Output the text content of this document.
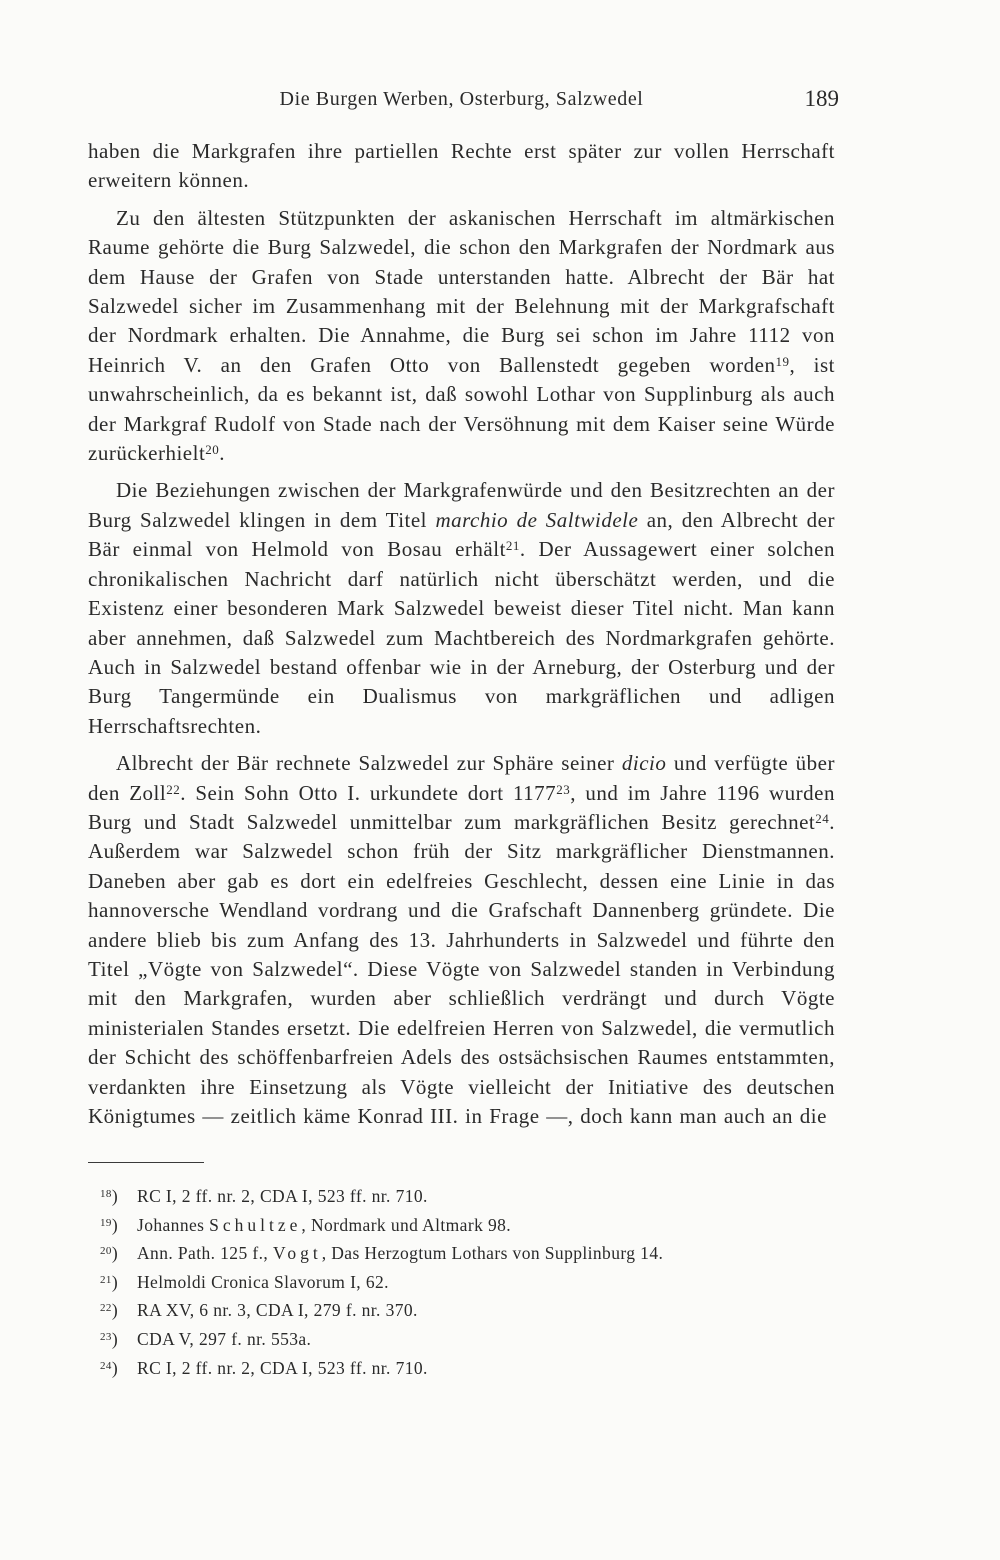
Die Burgen Werben, Osterburg, Salzwedel	189

haben die Markgrafen ihre partiellen Rechte erst später zur vollen Herrschaft erweitern können.

Zu den ältesten Stützpunkten der askanischen Herrschaft im altmärkischen Raume gehörte die Burg Salzwedel, die schon den Markgrafen der Nordmark aus dem Hause der Grafen von Stade unterstanden hatte. Albrecht der Bär hat Salzwedel sicher im Zusammenhang mit der Belehnung mit der Markgrafschaft der Nordmark erhalten. Die Annahme, die Burg sei schon im Jahre 1112 von Heinrich V. an den Grafen Otto von Ballenstedt gegeben worden$^{19}$, ist unwahrscheinlich, da es bekannt ist, daß sowohl Lothar von Supplinburg als auch der Markgraf Rudolf von Stade nach der Versöhnung mit dem Kaiser seine Würde zurückerhielt$^{20}$.

Die Beziehungen zwischen der Markgrafenwürde und den Besitzrechten an der Burg Salzwedel klingen in dem Titel marchio de Saltwidele an, den Albrecht der Bär einmal von Helmold von Bosau erhält$^{21}$. Der Aussagewert einer solchen chronikalischen Nachricht darf natürlich nicht überschätzt werden, und die Existenz einer besonderen Mark Salzwedel beweist dieser Titel nicht. Man kann aber annehmen, daß Salzwedel zum Machtbereich des Nordmarkgrafen gehörte. Auch in Salzwedel bestand offenbar wie in der Arneburg, der Osterburg und der Burg Tangermünde ein Dualismus von markgräflichen und adligen Herrschaftsrechten.

Albrecht der Bär rechnete Salzwedel zur Sphäre seiner dicio und verfügte über den Zoll$^{22}$. Sein Sohn Otto I. urkundete dort 1177$^{23}$, und im Jahre 1196 wurden Burg und Stadt Salzwedel unmittelbar zum markgräflichen Besitz gerechnet$^{24}$. Außerdem war Salzwedel schon früh der Sitz markgräflicher Dienstmannen. Daneben aber gab es dort ein edelfreies Geschlecht, dessen eine Linie in das hannoversche Wendland vordrang und die Grafschaft Dannenberg gründete. Die andere blieb bis zum Anfang des 13. Jahrhunderts in Salzwedel und führte den Titel „Vögte von Salzwedel“. Diese Vögte von Salzwedel standen in Verbindung mit den Markgrafen, wurden aber schließlich verdrängt und durch Vögte ministerialen Standes ersetzt. Die edelfreien Herren von Salzwedel, die vermutlich der Schicht des schöffenbarfreien Adels des ostsächsischen Raumes entstammten, verdankten ihre Einsetzung als Vögte vielleicht der Initiative des deutschen Königtumes — zeitlich käme Konrad III. in Frage —, doch kann man auch an die

$^{18}$)	RC I, 2 ff. nr. 2, CDA I, 523 ff. nr. 710.
$^{19}$)	Johannes Schultze, Nordmark und Altmark 98.
$^{20}$)	Ann. Path. 125 f., Vogt, Das Herzogtum Lothars von Supplinburg 14.
$^{21}$)	Helmoldi Cronica Slavorum I, 62.
$^{22}$)	RA XV, 6 nr. 3, CDA I, 279 f. nr. 370.
$^{23}$)	CDA V, 297 f. nr. 553a.
$^{24}$)	RC I, 2 ff. nr. 2, CDA I, 523 ff. nr. 710.
